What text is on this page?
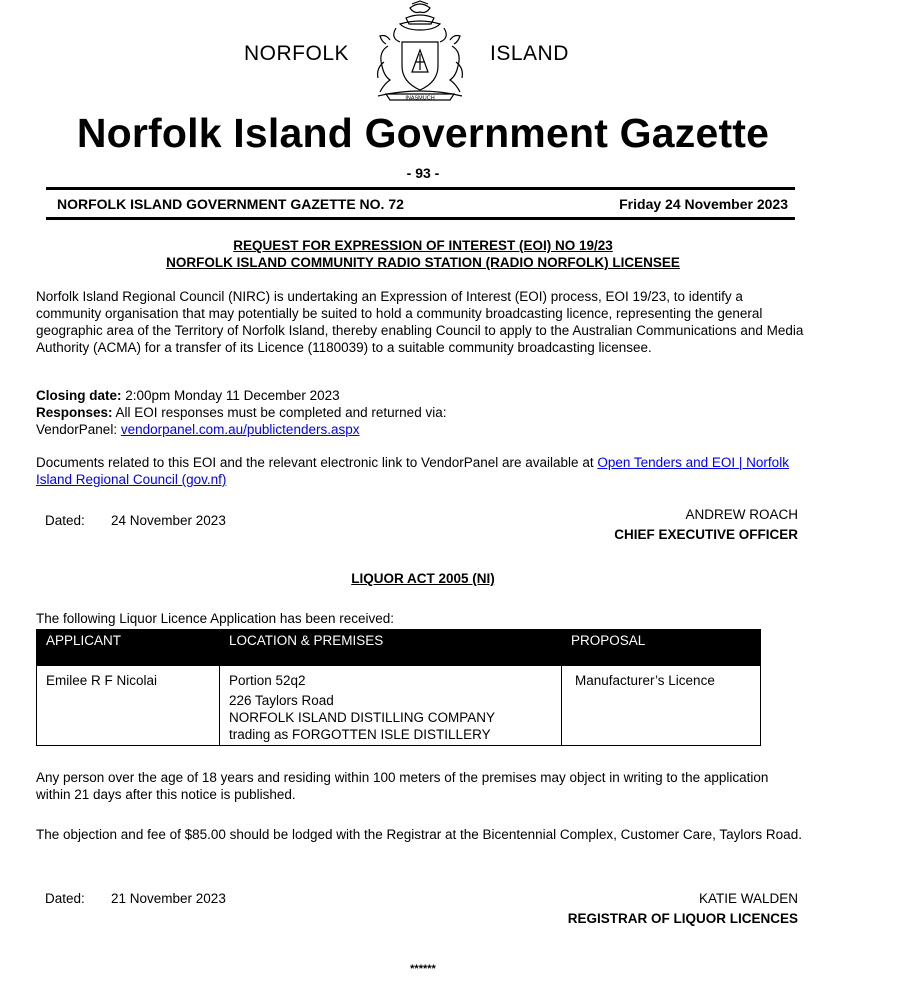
NORFOLK	ISLAND
INASMUCH
Norfolk Island Government Gazette
- 93 -
NORFOLK ISLAND GOVERNMENT GAZETTE NO. 72	Friday 24 November 2023
REQUEST FOR EXPRESSION OF INTEREST (EOI) NO 19/23
NORFOLK ISLAND COMMUNITY RADIO STATION (RADIO NORFOLK) LICENSEE
Norfolk Island Regional Council (NIRC) is undertaking an Expression of Interest (EOI) process, EOI 19/23, to identify a community organisation that may potentially be suited to hold a community broadcasting licence, representing the general geographic area of the Territory of Norfolk Island, thereby enabling Council to apply to the Australian Communications and Media Authority (ACMA) for a transfer of its Licence (1180039) to a suitable community broadcasting licensee.
Closing date: 2:00pm Monday 11 December 2023
Responses: All EOI responses must be completed and returned via:
VendorPanel: vendorpanel.com.au/publictenders.aspx
Documents related to this EOI and the relevant electronic link to VendorPanel are available at Open Tenders and EOI | Norfolk Island Regional Council (gov.nf)
Dated: 24 November 2023	ANDREW ROACH
CHIEF EXECUTIVE OFFICER
LIQUOR ACT 2005 (NI)
The following Liquor Licence Application has been received:
APPLICANT	LOCATION & PREMISES	PROPOSAL
Emilee R F Nicolai	Portion 52q2
226 Taylors Road
NORFOLK ISLAND DISTILLING COMPANY
trading as FORGOTTEN ISLE DISTILLERY	Manufacturer’s Licence
Any person over the age of 18 years and residing within 100 meters of the premises may object in writing to the application within 21 days after this notice is published.
The objection and fee of $85.00 should be lodged with the Registrar at the Bicentennial Complex, Customer Care, Taylors Road.
Dated: 21 November 2023	KATIE WALDEN
REGISTRAR OF LIQUOR LICENCES
******
